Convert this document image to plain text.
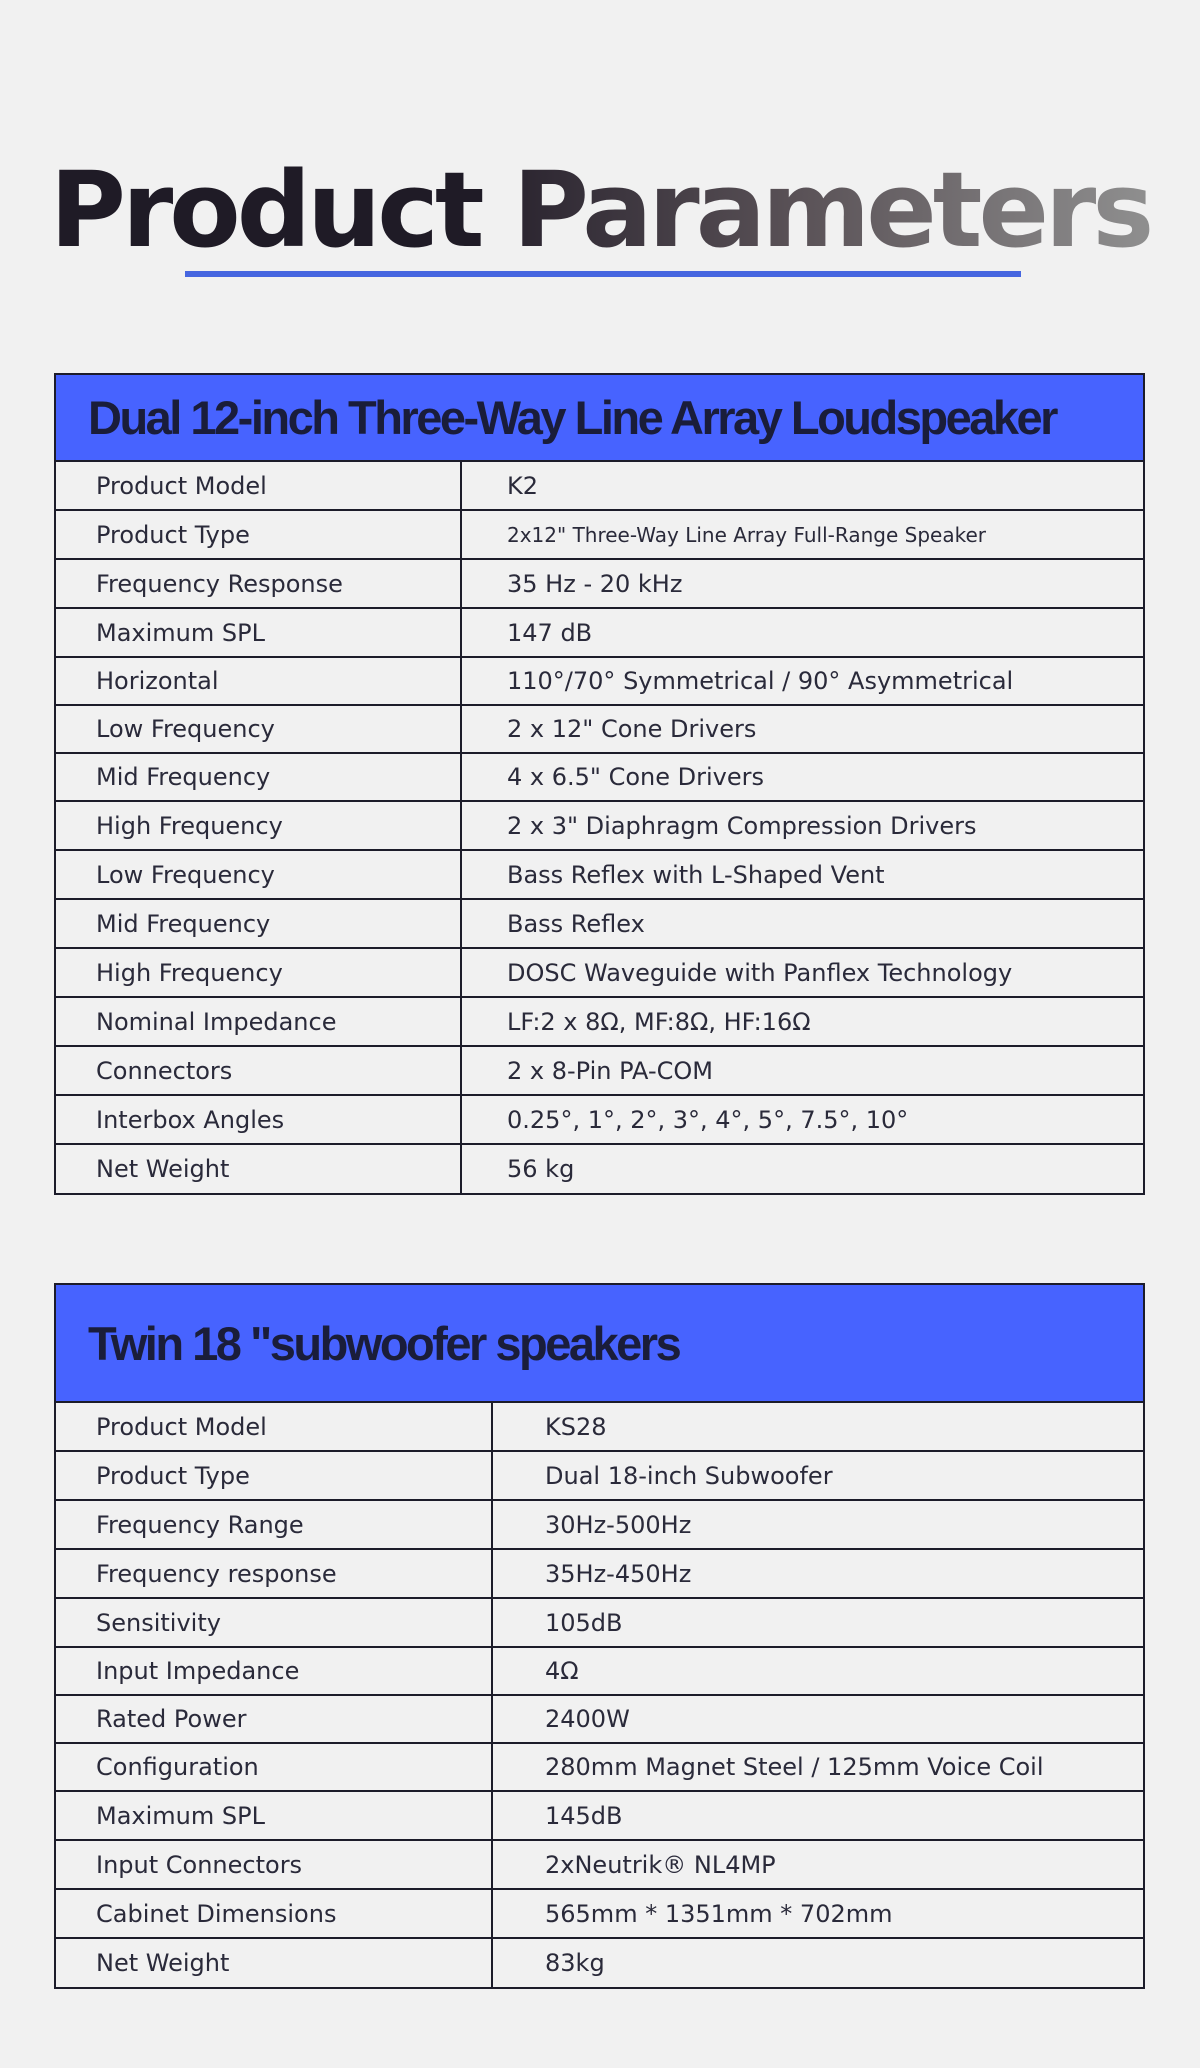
Product Parameters
Dual 12-inch Three-Way Line Array Loudspeaker
Product Model	K2
Product Type	2x12" Three-Way Line Array Full-Range Speaker
Frequency Response	35 Hz - 20 kHz
Maximum SPL	147 dB
Horizontal	110°/70° Symmetrical / 90° Asymmetrical
Low Frequency	2 x 12" Cone Drivers
Mid Frequency	4 x 6.5" Cone Drivers
High Frequency	2 x 3" Diaphragm Compression Drivers
Low Frequency	Bass Reflex with L-Shaped Vent
Mid Frequency	Bass Reflex
High Frequency	DOSC Waveguide with Panflex Technology
Nominal Impedance	LF:2 x 8Ω, MF:8Ω, HF:16Ω
Connectors	2 x 8-Pin PA-COM
Interbox Angles	0.25°, 1°, 2°, 3°, 4°, 5°, 7.5°, 10°
Net Weight	56 kg
Twin 18 "subwoofer speakers
Product Model	KS28
Product Type	Dual 18-inch Subwoofer
Frequency Range	30Hz-500Hz
Frequency response	35Hz-450Hz
Sensitivity	105dB
Input Impedance	4Ω
Rated Power	2400W
Configuration	280mm Magnet Steel / 125mm Voice Coil
Maximum SPL	145dB
Input Connectors	2xNeutrik® NL4MP
Cabinet Dimensions	565mm * 1351mm * 702mm
Net Weight	83kg
